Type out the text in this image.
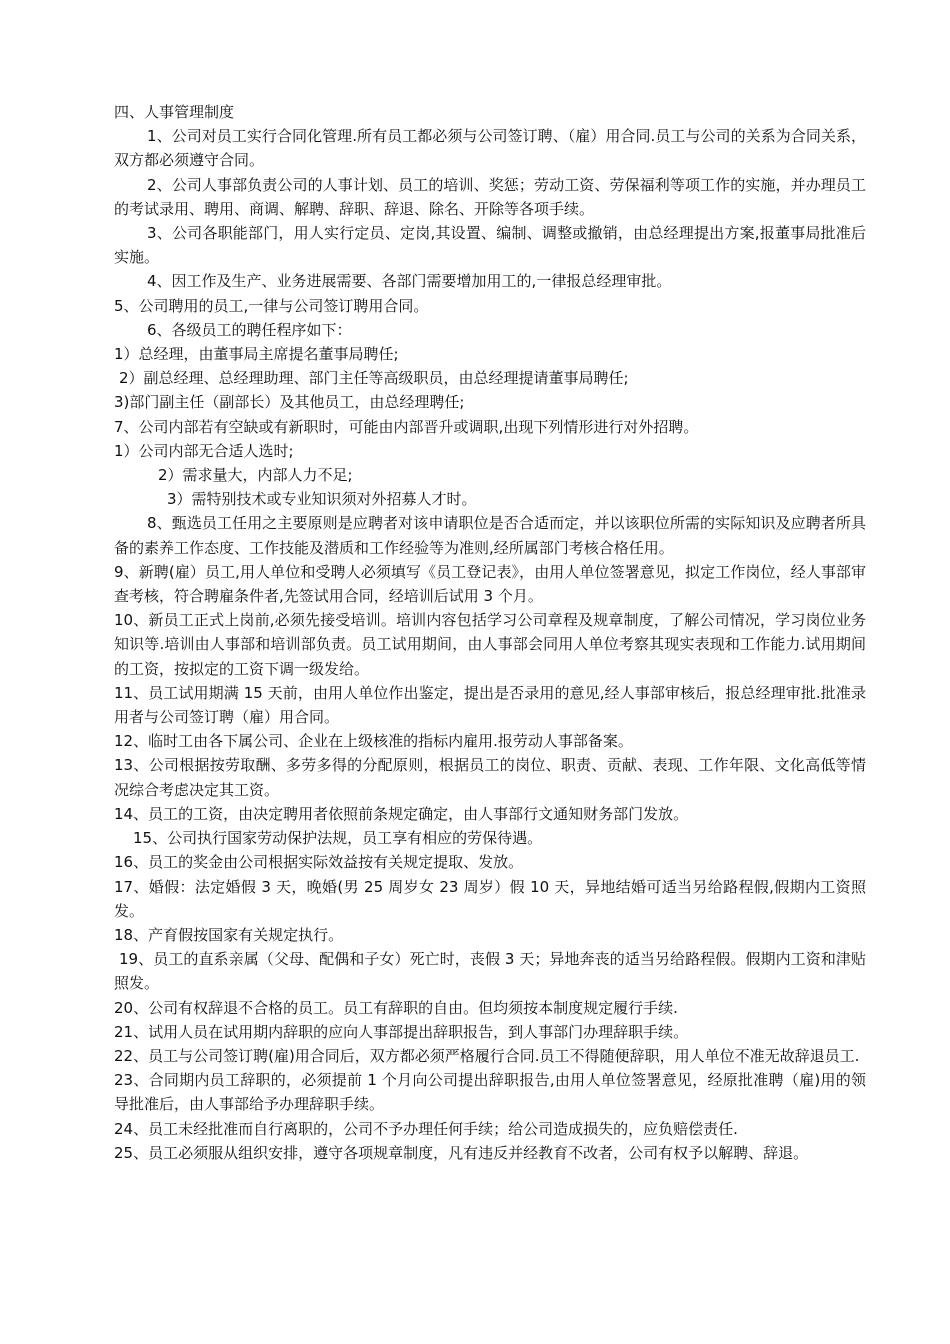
四、人事管理制度

1、公司对员工实行合同化管理.所有员工都必须与公司签订聘、（雇）用合同.员工与公司的关系为合同关系，双方都必须遵守合同。

2、公司人事部负责公司的人事计划、员工的培训、奖惩；劳动工资、劳保福利等项工作的实施，并办理员工的考试录用、聘用、商调、解聘、辞职、辞退、除名、开除等各项手续。

3、公司各职能部门，用人实行定员、定岗,其设置、编制、调整或撤销，由总经理提出方案,报董事局批准后实施。

4、因工作及生产、业务进展需要、各部门需要增加用工的,一律报总经理审批。

5、公司聘用的员工,一律与公司签订聘用合同。

6、各级员工的聘任程序如下：

1）总经理，由董事局主席提名董事局聘任;

2）副总经理、总经理助理、部门主任等高级职员，由总经理提请董事局聘任;

3)部门副主任（副部长）及其他员工，由总经理聘任;

7、公司内部若有空缺或有新职时，可能由内部晋升或调职,出现下列情形进行对外招聘。

1）公司内部无合适人选时;

2）需求量大，内部人力不足;

3）需特别技术或专业知识须对外招募人才时。

8、甄选员工任用之主要原则是应聘者对该申请职位是否合适而定，并以该职位所需的实际知识及应聘者所具备的素养工作态度、工作技能及潜质和工作经验等为准则,经所属部门考核合格任用。

9、新聘(雇）员工,用人单位和受聘人必须填写《员工登记表》，由用人单位签署意见，拟定工作岗位，经人事部审查考核，符合聘雇条件者,先签试用合同，经培训后试用 3 个月。

10、新员工正式上岗前,必须先接受培训。培训内容包括学习公司章程及规章制度，了解公司情况，学习岗位业务知识等.培训由人事部和培训部负责。员工试用期间，由人事部会同用人单位考察其现实表现和工作能力.试用期间的工资，按拟定的工资下调一级发给。

11、员工试用期满 15 天前，由用人单位作出鉴定，提出是否录用的意见,经人事部审核后，报总经理审批.批准录用者与公司签订聘（雇）用合同。

12、临时工由各下属公司、企业在上级核准的指标内雇用.报劳动人事部备案。

13、公司根据按劳取酬、多劳多得的分配原则，根据员工的岗位、职责、贡献、表现、工作年限、文化高低等情况综合考虑决定其工资。

14、员工的工资，由决定聘用者依照前条规定确定，由人事部行文通知财务部门发放。

15、公司执行国家劳动保护法规，员工享有相应的劳保待遇。

16、员工的奖金由公司根据实际效益按有关规定提取、发放。

17、婚假：法定婚假 3 天，晚婚(男 25 周岁女 23 周岁）假 10 天，异地结婚可适当另给路程假,假期内工资照发。

18、产育假按国家有关规定执行。

19、员工的直系亲属（父母、配偶和子女）死亡时，丧假 3 天；异地奔丧的适当另给路程假。假期内工资和津贴照发。

20、公司有权辞退不合格的员工。员工有辞职的自由。但均须按本制度规定履行手续.

21、试用人员在试用期内辞职的应向人事部提出辞职报告，到人事部门办理辞职手续。

22、员工与公司签订聘(雇)用合同后，双方都必须严格履行合同.员工不得随便辞职，用人单位不准无故辞退员工.

23、合同期内员工辞职的，必须提前 1 个月向公司提出辞职报告,由用人单位签署意见，经原批准聘（雇)用的领导批准后，由人事部给予办理辞职手续。

24、员工未经批准而自行离职的，公司不予办理任何手续；给公司造成损失的，应负赔偿责任.

25、员工必须服从组织安排，遵守各项规章制度，凡有违反并经教育不改者，公司有权予以解聘、辞退。
